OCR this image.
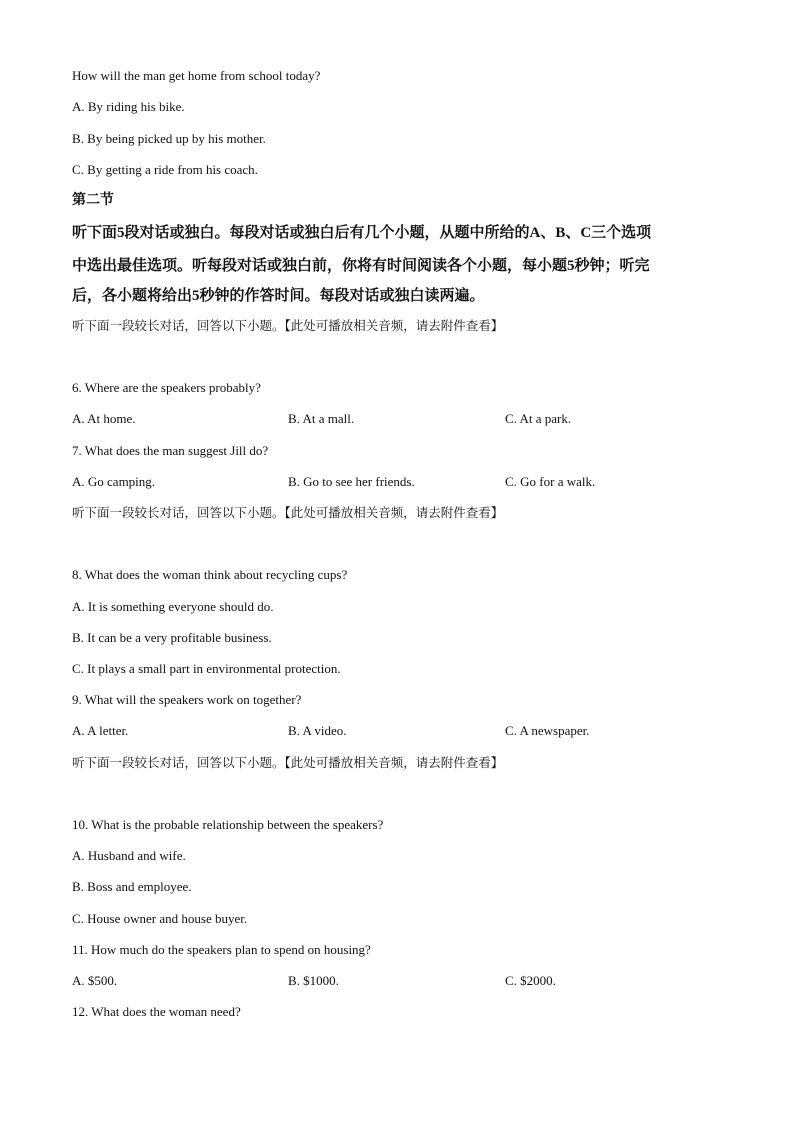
How will the man get home from school today?
A. By riding his bike.
B. By being picked up by his mother.
C. By getting a ride from his coach.
第二节
听下面5段对话或独白。每段对话或独白后有几个小题，从题中所给的A、B、C三个选项
中选出最佳选项。听每段对话或独白前，你将有时间阅读各个小题，每小题5秒钟；听完
后，各小题将给出5秒钟的作答时间。每段对话或独白读两遍。
听下面一段较长对话，回答以下小题。【此处可播放相关音频，请去附件查看】
6. Where are the speakers probably?
A. At home.	B. At a mall.	C. At a park.
7. What does the man suggest Jill do?
A. Go camping.	B. Go to see her friends.	C. Go for a walk.
听下面一段较长对话，回答以下小题。【此处可播放相关音频，请去附件查看】
8. What does the woman think about recycling cups?
A. It is something everyone should do.
B. It can be a very profitable business.
C. It plays a small part in environmental protection.
9. What will the speakers work on together?
A. A letter.	B. A video.	C. A newspaper.
听下面一段较长对话，回答以下小题。【此处可播放相关音频，请去附件查看】
10. What is the probable relationship between the speakers?
A. Husband and wife.
B. Boss and employee.
C. House owner and house buyer.
11. How much do the speakers plan to spend on housing?
A. $500.	B. $1000.	C. $2000.
12. What does the woman need?
